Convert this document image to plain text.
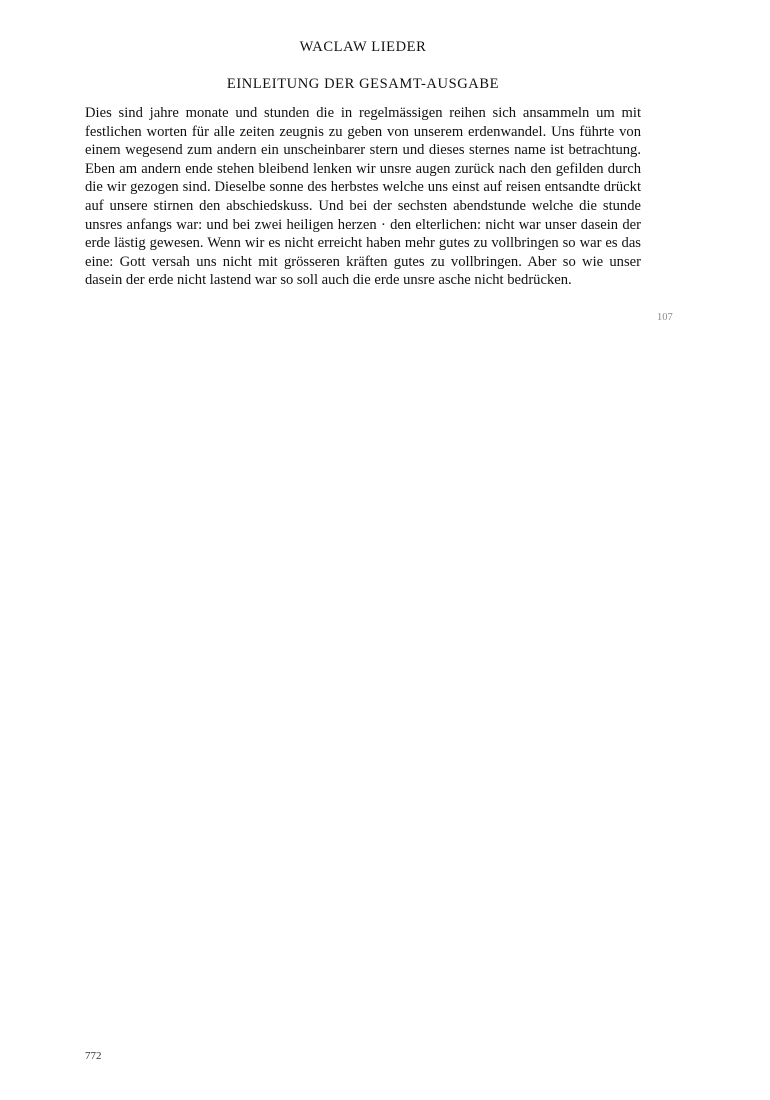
WACLAW LIEDER
EINLEITUNG DER GESAMT-AUSGABE

Dies sind jahre monate und stunden die in regelmässigen reihen sich ansammeln um mit festlichen worten für alle zeiten zeugnis zu geben von unserem erdenwandel. Uns führte von einem wegesend zum andern ein unscheinbarer stern und dieses sternes name ist betrachtung. Eben am andern ende stehen bleibend lenken wir unsre augen zurück nach den gefilden durch die wir gezogen sind. Dieselbe sonne des herbstes welche uns einst auf reisen entsandte drückt auf unsere stirnen den abschiedskuss. Und bei der sechsten abendstunde welche die stunde unsres anfangs war: und bei zwei heiligen herzen · den elterlichen: nicht war unser dasein der erde lästig gewesen. Wenn wir es nicht erreicht haben mehr gutes zu vollbringen so war es das eine: Gott versah uns nicht mit grösseren kräften gutes zu vollbringen. Aber so wie unser dasein der erde nicht lastend war so soll auch die erde unsre asche nicht bedrücken.

107
772
